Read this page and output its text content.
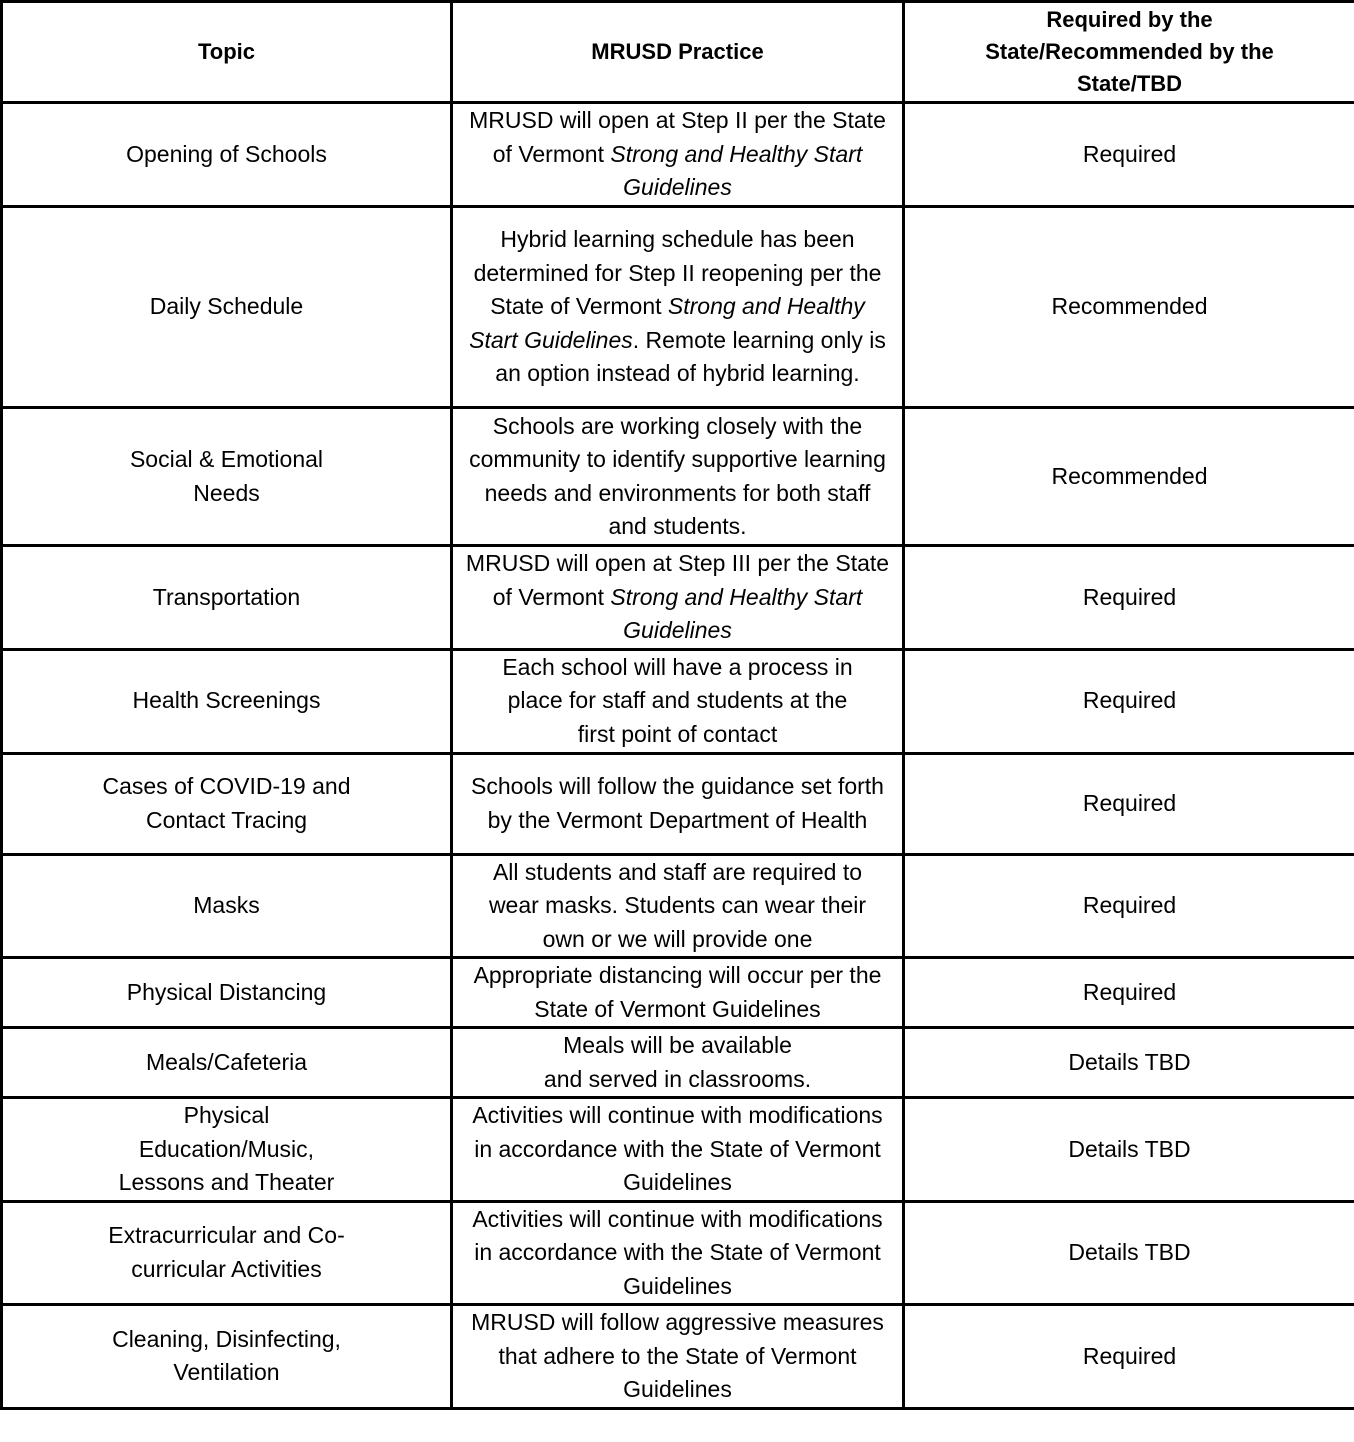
Topic	MRUSD Practice	Required by the State/Recommended by the State/TBD
Opening of Schools	MRUSD will open at Step II per the State of Vermont Strong and Healthy Start Guidelines	Required
Daily Schedule	Hybrid learning schedule has been determined for Step II reopening per the State of Vermont Strong and Healthy Start Guidelines. Remote learning only is an option instead of hybrid learning.	Recommended
Social & Emotional Needs	Schools are working closely with the community to identify supportive learning needs and environments for both staff and students.	Recommended
Transportation	MRUSD will open at Step III per the State of Vermont Strong and Healthy Start Guidelines	Required
Health Screenings	Each school will have a process in place for staff and students at the first point of contact	Required
Cases of COVID-19 and Contact Tracing	Schools will follow the guidance set forth by the Vermont Department of Health	Required
Masks	All students and staff are required to wear masks. Students can wear their own or we will provide one	Required
Physical Distancing	Appropriate distancing will occur per the State of Vermont Guidelines	Required
Meals/Cafeteria	Meals will be available and served in classrooms.	Details TBD
Physical Education/Music, Lessons and Theater	Activities will continue with modifications in accordance with the State of Vermont Guidelines	Details TBD
Extracurricular and Co-curricular Activities	Activities will continue with modifications in accordance with the State of Vermont Guidelines	Details TBD
Cleaning, Disinfecting, Ventilation	MRUSD will follow aggressive measures that adhere to the State of Vermont Guidelines	Required
